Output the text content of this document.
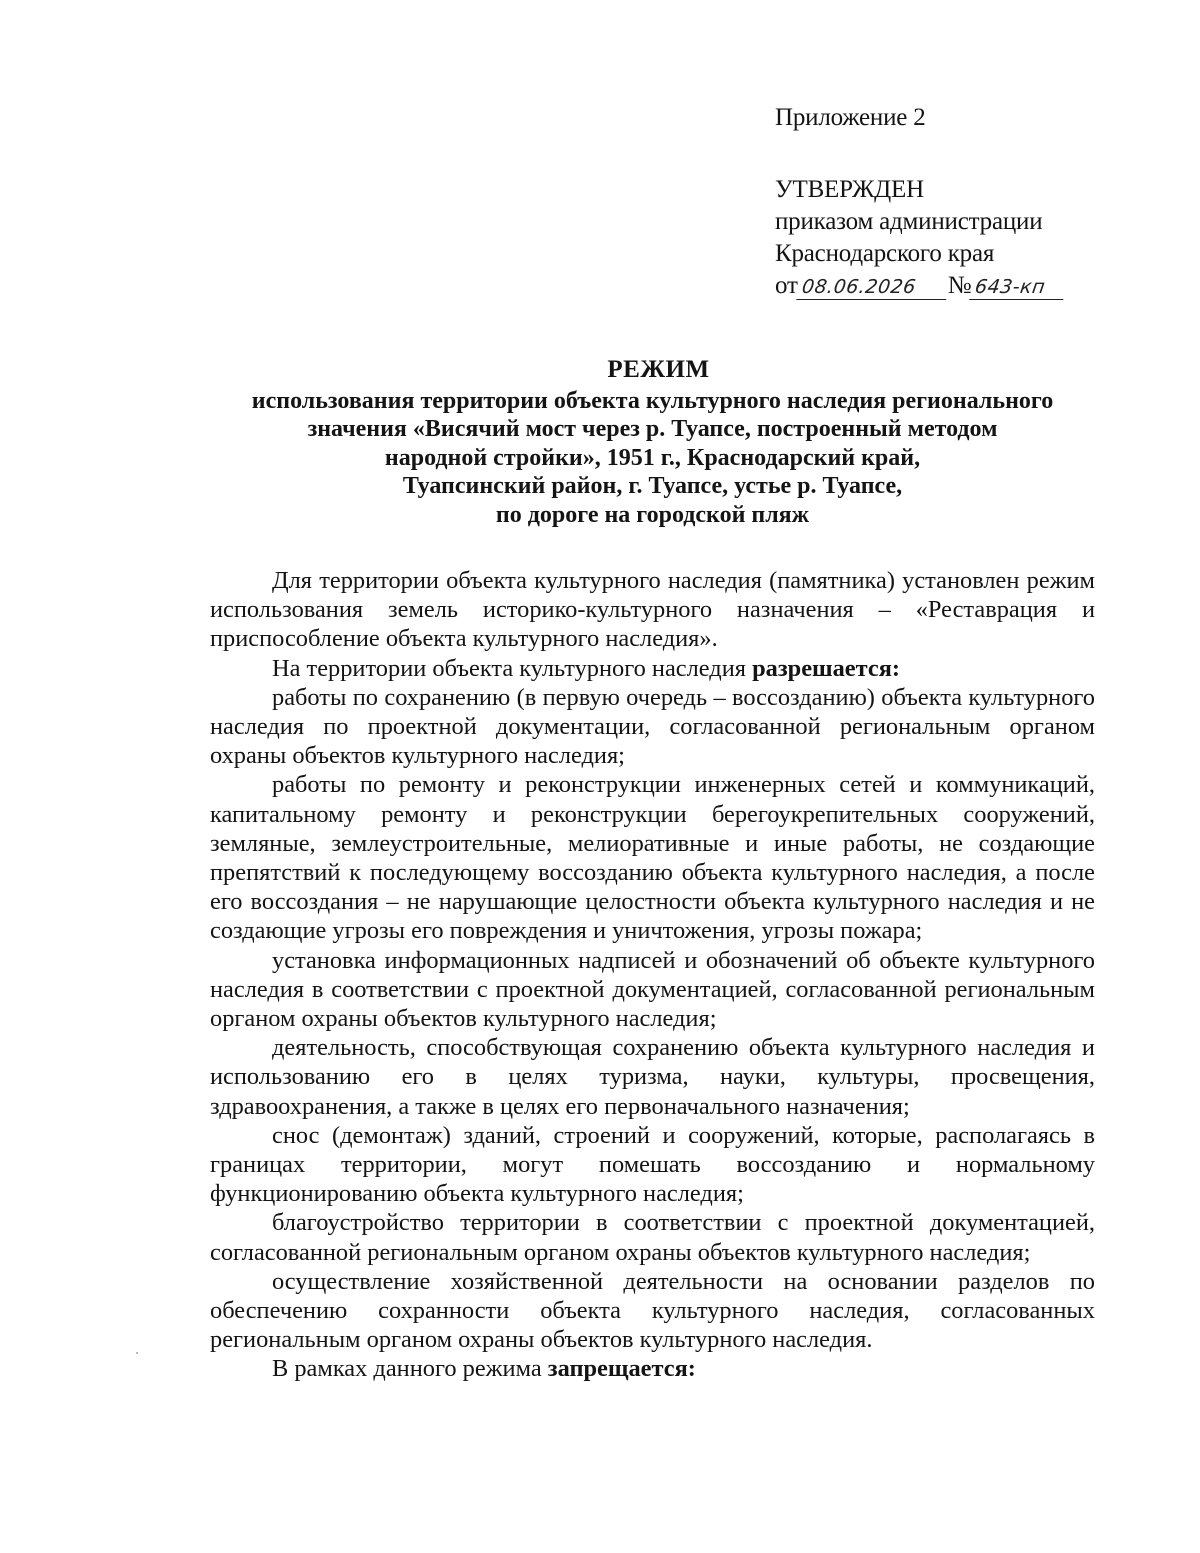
Приложение 2
УТВЕРЖДЕН
приказом администрации
Краснодарского края
от 08.06.2026 № 643-кп
РЕЖИМ
использования территории объекта культурного наследия регионального
значения «Висячий мост через р. Туапсе, построенный методом
народной стройки», 1951 г., Краснодарский край,
Туапсинский район, г. Туапсе, устье р. Туапсе,
по дороге на городской пляж

Для территории объекта культурного наследия (памятника) установлен режим использования земель историко-культурного назначения – «Реставрация и приспособление объекта культурного наследия».

На территории объекта культурного наследия разрешается:

работы по сохранению (в первую очередь – воссозданию) объекта культурного наследия по проектной документации, согласованной региональным органом охраны объектов культурного наследия;

работы по ремонту и реконструкции инженерных сетей и коммуникаций, капитальному ремонту и реконструкции берегоукрепительных сооружений, земляные, землеустроительные, мелиоративные и иные работы, не создающие препятствий к последующему воссозданию объекта культурного наследия, а после его воссоздания – не нарушающие целостности объекта культурного наследия и не создающие угрозы его повреждения и уничтожения, угрозы пожара;

установка информационных надписей и обозначений об объекте культурного наследия в соответствии с проектной документацией, согласованной региональным органом охраны объектов культурного наследия;

деятельность, способствующая сохранению объекта культурного наследия и использованию его в целях туризма, науки, культуры, просвещения, здравоохранения, а также в целях его первоначального назначения;

снос (демонтаж) зданий, строений и сооружений, которые, располагаясь в границах территории, могут помешать воссозданию и нормальному функционированию объекта культурного наследия;

благоустройство территории в соответствии с проектной документацией, согласованной региональным органом охраны объектов культурного наследия;

осуществление хозяйственной деятельности на основании разделов по обеспечению сохранности объекта культурного наследия, согласованных региональным органом охраны объектов культурного наследия.

В рамках данного режима запрещается:
